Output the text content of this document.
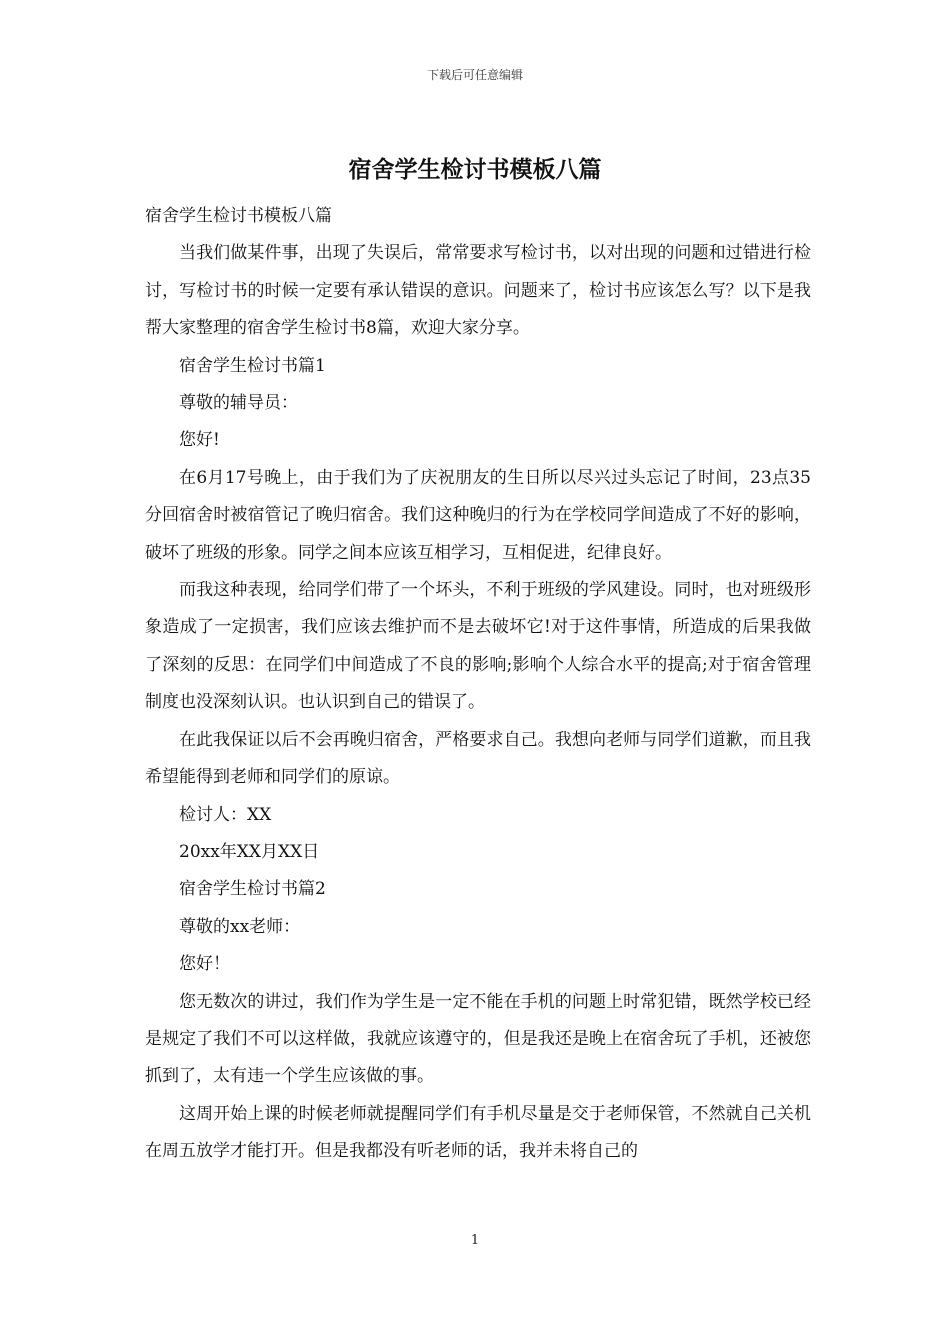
下载后可任意编辑
宿舍学生检讨书模板八篇

宿舍学生检讨书模板八篇

当我们做某件事，出现了失误后，常常要求写检讨书，以对出现的问题和过错进行检讨，写检讨书的时候一定要有承认错误的意识。问题来了，检讨书应该怎么写？以下是我帮大家整理的宿舍学生检讨书8篇，欢迎大家分享。

宿舍学生检讨书篇1

尊敬的辅导员：

您好!

在6月17号晚上，由于我们为了庆祝朋友的生日所以尽兴过头忘记了时间，23点35分回宿舍时被宿管记了晚归宿舍。我们这种晚归的行为在学校同学间造成了不好的影响，破坏了班级的形象。同学之间本应该互相学习，互相促进，纪律良好。

而我这种表现，给同学们带了一个坏头，不利于班级的学风建设。同时，也对班级形象造成了一定损害，我们应该去维护而不是去破坏它!对于这件事情，所造成的后果我做了深刻的反思：在同学们中间造成了不良的影响;影响个人综合水平的提高;对于宿舍管理制度也没深刻认识。也认识到自己的错误了。

在此我保证以后不会再晚归宿舍，严格要求自己。我想向老师与同学们道歉，而且我希望能得到老师和同学们的原谅。

检讨人：XX

20xx年XX月XX日

宿舍学生检讨书篇2

尊敬的xx老师：

您好！

您无数次的讲过，我们作为学生是一定不能在手机的问题上时常犯错，既然学校已经是规定了我们不可以这样做，我就应该遵守的，但是我还是晚上在宿舍玩了手机，还被您抓到了，太有违一个学生应该做的事。

这周开始上课的时候老师就提醒同学们有手机尽量是交于老师保管，不然就自己关机在周五放学才能打开。但是我都没有听老师的话，我并未将自己的

1
